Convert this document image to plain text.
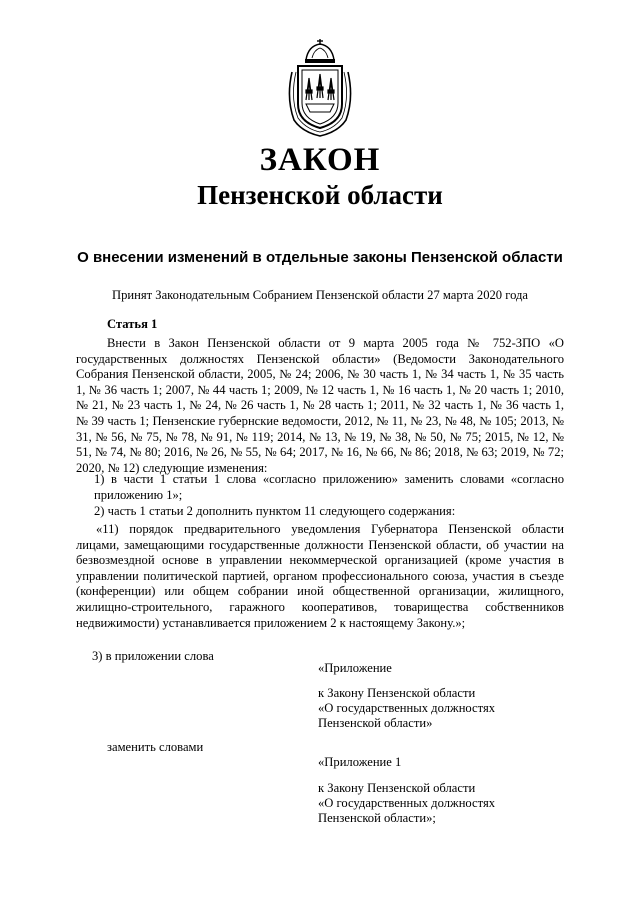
ЗАКОН
Пензенской области
О внесении изменений в отдельные законы Пензенской области
Принят Законодательным Собранием Пензенской области 27 марта 2020 года
Статья 1
Внести в Закон Пензенской области от 9 марта 2005 года № 752-ЗПО «О государственных должностях Пензенской области» (Ведомости Законодательного Собрания Пензенской области, 2005, № 24; 2006, № 30 часть 1, № 34 часть 1, № 35 часть 1, № 36 часть 1; 2007, № 44 часть 1; 2009, № 12 часть 1, № 16 часть 1, № 20 часть 1; 2010, № 21, № 23 часть 1, № 24, № 26 часть 1, № 28 часть 1; 2011, № 32 часть 1, № 36 часть 1, № 39 часть 1; Пензенские губернские ведомости, 2012, № 11, № 23, № 48, № 105; 2013, № 31, № 56, № 75, № 78, № 91, № 119; 2014, № 13, № 19, № 38, № 50, № 75; 2015, № 12, № 51, № 74, № 80; 2016, № 26, № 55, № 64; 2017, № 16, № 66, № 86; 2018, № 63; 2019, № 72; 2020, № 12) следующие изменения:
1) в части 1 статьи 1 слова «согласно приложению» заменить словами «согласно приложению 1»;
2) часть 1 статьи 2 дополнить пунктом 11 следующего содержания:
«11) порядок предварительного уведомления Губернатора Пензенской области лицами, замещающими государственные должности Пензенской области, об участии на безвозмездной основе в управлении некоммерческой организацией (кроме участия в управлении политической партией, органом профессионального союза, участия в съезде (конференции) или общем собрании иной общественной организации, жилищного, жилищно-строительного, гаражного кооперативов, товарищества собственников недвижимости) устанавливается приложением 2 к настоящему Закону.»;
3) в приложении слова
«Приложение
к Закону Пензенской области
«О государственных должностях
Пензенской области»
заменить словами
«Приложение 1
к Закону Пензенской области
«О государственных должностях
Пензенской области»;
